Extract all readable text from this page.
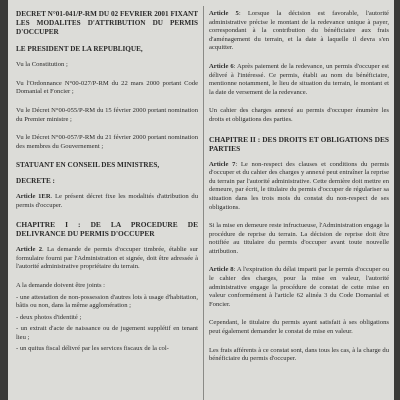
DECRET N°01-041/P-RM DU 02 FEVRIER 2001 FIXANT LES MODALITES D'ATTRIBUTION DU PERMIS D'OCCUPER

LE PRESIDENT DE LA REPUBLIQUE,

Vu la Constitution ;

Vu l'Ordonnance N°00-027/P-RM du 22 mars 2000 portant Code Domanial et Foncier ;

Vu le Décret N°00-055/P-RM du 15 février 2000 portant nomination du Premier ministre ;

Vu le Décret N°00-057/P-RM du 21 février 2000 portant nomination des membres du Gouvernement ;

STATUANT EN CONSEIL DES MINISTRES,

DECRETE :

Article 1ER. Le présent décret fixe les modalités d'attribution du permis d'occuper.

CHAPITRE I : DE LA PROCEDURE DE DELIVRANCE DU PERMIS D'OCCUPER

Article 2. La demande de permis d'occuper timbrée, établie sur formulaire fourni par l'Administration et signée, doit être adressée à l'autorité administrative propriétaire du terrain.

A la demande doivent être joints :

- une attestation de non-possession d'autres lots à usage d'habitation, bâtis ou non, dans la même agglomération ;

- deux photos d'identité ;

- un extrait d'acte de naissance ou de jugement supplétif en tenant lieu ;

- un quitus fiscal délivré par les services fiscaux de la col-

Article 5: Lorsque la décision est favorable, l'autorité administrative précise le montant de la redevance unique à payer, correspondant à la contribution du bénéficiaire aux frais d'aménagement du terrain, et la date à laquelle il devra s'en acquitter.

Article 6: Après paiement de la redevance, un permis d'occuper est délivré à l'intéressé. Ce permis, établi au nom du bénéficiaire, mentionne notamment, le lieu de situation du terrain, le montant et la date de versement de la redevance.

Un cahier des charges annexé au permis d'occuper énumère les droits et obligations des parties.

CHAPITRE II : DES DROITS ET OBLIGATIONS DES PARTIES

Article 7: Le non-respect des clauses et conditions du permis d'occuper et du cahier des charges y annexé peut entraîner la reprise du terrain par l'autorité administrative. Cette dernière doit mettre en demeure, par écrit, le titulaire du permis d'occuper de régulariser sa situation dans les trois mois du constat du non-respect de ses obligations.

Si la mise en demeure reste infructueuse, l'Administration engage la procédure de reprise du terrain. La décision de reprise doit être notifiée au titulaire du permis d'occuper avant toute nouvelle attribution.

Article 8: A l'expiration du délai imparti par le permis d'occuper ou le cahier des charges, pour la mise en valeur, l'autorité administrative engage la procédure de constat de cette mise en valeur conformément à l'article 62 alinéa 3 du Code Domanial et Foncier.

Cependant, le titulaire du permis ayant satisfait à ses obligations peut également demander le constat de mise en valeur.

Les frais afférents à ce constat sont, dans tous les cas, à la charge du bénéficiaire du permis d'occuper.
